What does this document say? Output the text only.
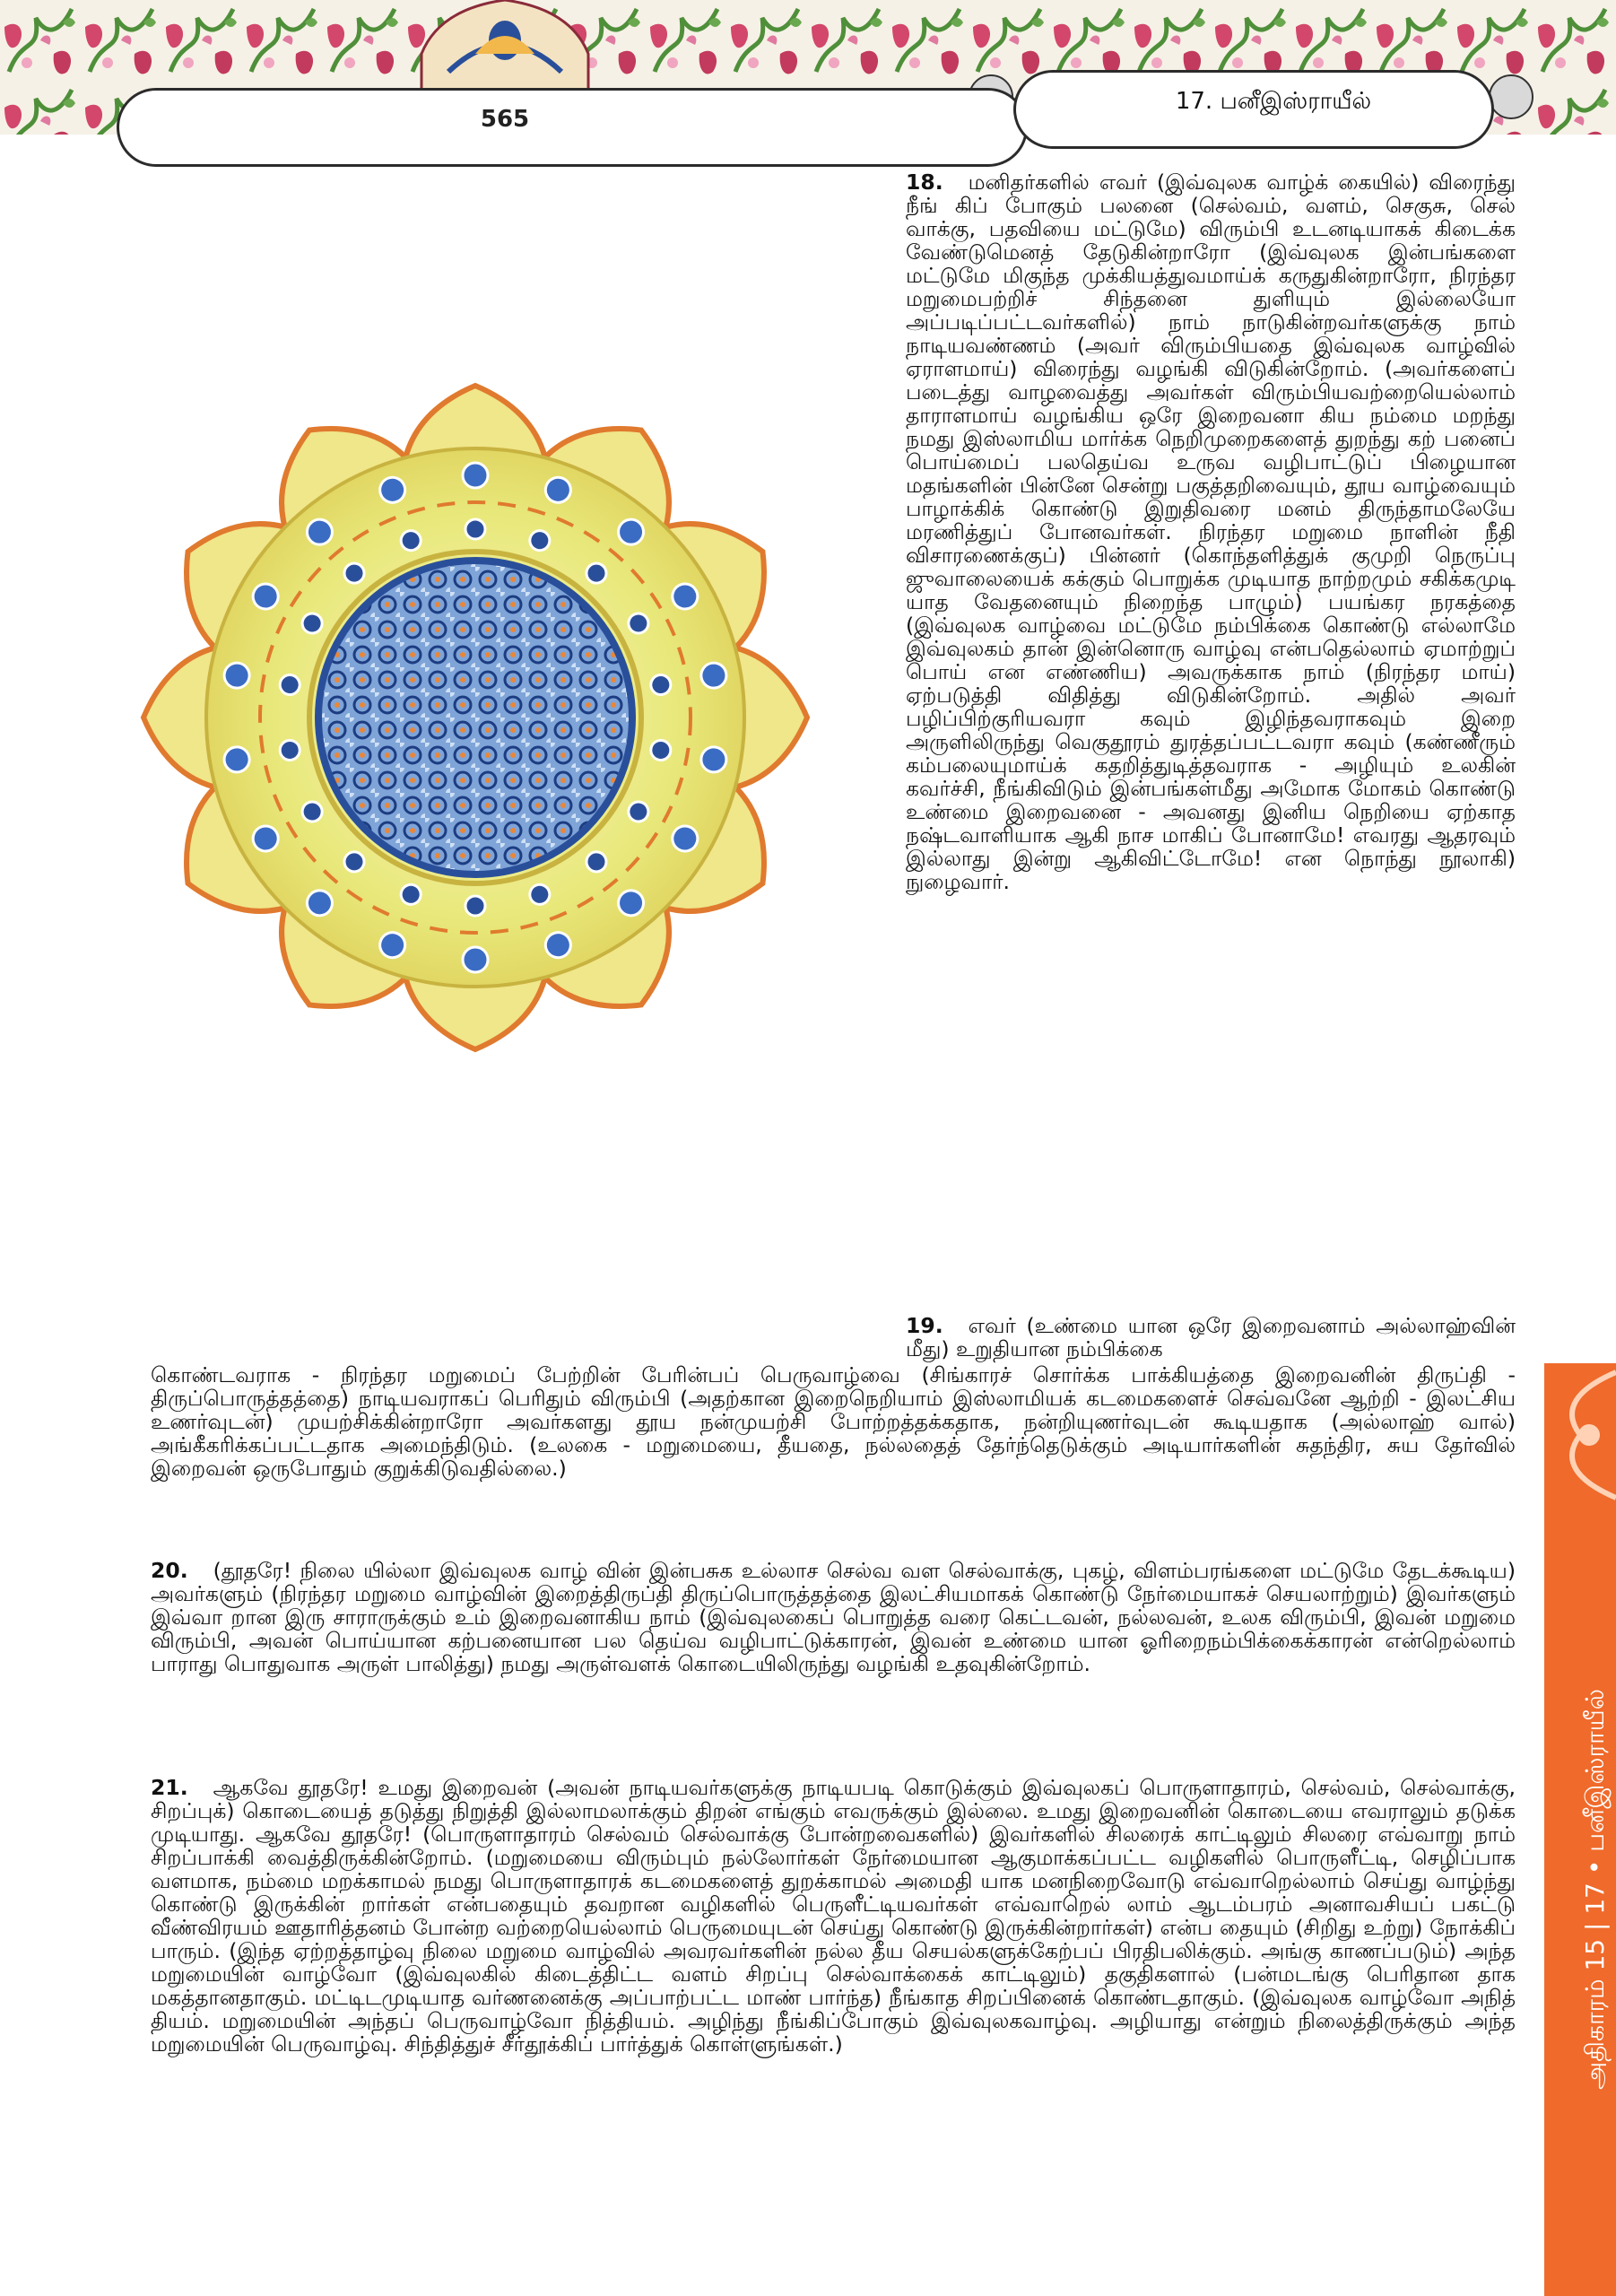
565
17. பனீஇஸ்ராயீல்
அதிகாரம் 15 | 17 • பனீஇஸ்ராயீல்
18. மனிதர்களில் எவர் (இவ்வுலக வாழ்க் கையில்) விரைந்து நீங் கிப் போகும் பலனை (செல்வம், வளம், செகுசு, செல் வாக்கு, பதவியை மட்டுமே) விரும்பி உடனடியாகக் கிடைக்க வேண்டுமெனத் தேடுகின்றாரோ (இவ்வுலக இன்பங்களை மட்டுமே மிகுந்த முக்கியத்துவமாய்க் கருதுகின்றாரோ, நிரந்தர மறுமைபற்றிச் சிந்தனை துளியும் இல்லையோ அப்படிப்பட்டவர்களில்) நாம் நாடுகின்றவர்களுக்கு நாம் நாடியவண்ணம் (அவர் விரும்பியதை இவ்வுலக வாழ்வில் ஏராளமாய்) விரைந்து வழங்கி விடுகின்றோம். (அவர்களைப் படைத்து வாழவைத்து அவர்கள் விரும்பியவற்றையெல்லாம் தாராளமாய் வழங்கிய ஒரே இறைவனா கிய நம்மை மறந்து நமது இஸ்லாமிய மார்க்க நெறிமுறைகளைத் துறந்து கற் பனைப் பொய்மைப் பலதெய்வ உருவ வழிபாட்டுப் பிழையான மதங்களின் பின்னே சென்று பகுத்தறிவையும், தூய வாழ்வையும் பாழாக்கிக் கொண்டு இறுதிவரை மனம் திருந்தாமலேயே மரணித்துப் போனவர்கள். நிரந்தர மறுமை நாளின் நீதி விசாரணைக்குப்) பின்னர் (கொந்தளித்துக் குமுறி நெருப்பு ஜுவாலையைக் கக்கும் பொறுக்க முடியாத நாற்றமும் சகிக்கமுடி யாத வேதனையும் நிறைந்த பாழும்) பயங்கர நரகத்தை (இவ்வுலக வாழ்வை மட்டுமே நம்பிக்கை கொண்டு எல்லாமே இவ்வுலகம் தான் இன்னொரு வாழ்வு என்பதெல்லாம் ஏமாற்றுப் பொய் என எண்ணிய) அவருக்காக நாம் (நிரந்தர மாய்) ஏற்படுத்தி விதித்து விடுகின்றோம். அதில் அவர் பழிப்பிற்குரியவரா கவும் இழிந்தவராகவும் இறை அருளிலிருந்து வெகுதூரம் துரத்தப்பட்டவரா கவும் (கண்ணீரும் கம்பலையுமாய்க் கதறித்துடித்தவராக - அழியும் உலகின் கவர்ச்சி, நீங்கிவிடும் இன்பங்கள்மீது அமோக மோகம் கொண்டு உண்மை இறைவனை - அவனது இனிய நெறியை ஏற்காத நஷ்டவாளியாக ஆகி நாச மாகிப் போனாமே! எவரது ஆதரவும் இல்லாது இன்று ஆகிவிட்டோமே! என நொந்து நூலாகி) நுழைவார்.
19. எவர் (உண்மை யான ஒரே இறைவனாம் அல்லாஹ்வின் மீது) உறுதியான நம்பிக்கை
கொண்டவராக - நிரந்தர மறுமைப் பேற்றின் பேரின்பப் பெருவாழ்வை (சிங்காரச் சொர்க்க பாக்கியத்தை இறைவனின் திருப்தி - திருப்பொருத்தத்தை) நாடியவராகப் பெரிதும் விரும்பி (அதற்கான இறைநெறியாம் இஸ்லாமியக் கடமைகளைச் செவ்வனே ஆற்றி - இலட்சிய உணர்வுடன்) முயற்சிக்கின்றாரோ அவர்களது தூய நன்முயற்சி போற்றத்தக்கதாக, நன்றியுணர்வுடன் கூடியதாக (அல்லாஹ் வால்) அங்கீகரிக்கப்பட்டதாக அமைந்திடும். (உலகை - மறுமையை, தீயதை, நல்லதைத் தேர்ந்தெடுக்கும் அடியார்களின் சுதந்திர, சுய தேர்வில் இறைவன் ஒருபோதும் குறுக்கிடுவதில்லை.)
20. (தூதரே! நிலை யில்லா இவ்வுலக வாழ் வின் இன்பசுக உல்லாச செல்வ வள செல்வாக்கு, புகழ், விளம்பரங்களை மட்டுமே தேடக்கூடிய) அவர்களும் (நிரந்தர மறுமை வாழ்வின் இறைத்திருப்தி திருப்பொருத்தத்தை இலட்சியமாகக் கொண்டு நேர்மையாகச் செயலாற்றும்) இவர்களும் இவ்வா றான இரு சாராருக்கும் உம் இறைவனாகிய நாம் (இவ்வுலகைப் பொறுத்த வரை கெட்டவன், நல்லவன், உலக விரும்பி, இவன் மறுமை விரும்பி, அவன் பொய்யான கற்பனையான பல தெய்வ வழிபாட்டுக்காரன், இவன் உண்மை யான ஓரிறைநம்பிக்கைக்காரன் என்றெல்லாம் பாராது பொதுவாக அருள் பாலித்து) நமது அருள்வளக் கொடையிலிருந்து வழங்கி உதவுகின்றோம்.
21. ஆகவே தூதரே! உமது இறைவன் (அவன் நாடியவர்களுக்கு நாடியபடி கொடுக்கும் இவ்வுலகப் பொருளாதாரம், செல்வம், செல்வாக்கு, சிறப்புக்) கொடையைத் தடுத்து நிறுத்தி இல்லாமலாக்கும் திறன் எங்கும் எவருக்கும் இல்லை. உமது இறைவனின் கொடையை எவராலும் தடுக்க முடியாது. ஆகவே தூதரே! (பொருளாதாரம் செல்வம் செல்வாக்கு போன்றவைகளில்) இவர்களில் சிலரைக் காட்டிலும் சிலரை எவ்வாறு நாம் சிறப்பாக்கி வைத்திருக்கின்றோம். (மறுமையை விரும்பும் நல்லோர்கள் நேர்மையான ஆகுமாக்கப்பட்ட வழிகளில் பொருளீட்டி, செழிப்பாக வளமாக, நம்மை மறக்காமல் நமது பொருளாதாரக் கடமைகளைத் துறக்காமல் அமைதி யாக மனநிறைவோடு எவ்வாறெல்லாம் செய்து வாழ்ந்து கொண்டு இருக்கின் றார்கள் என்பதையும் தவறான வழிகளில் பெருளீட்டியவர்கள் எவ்வாறெல் லாம் ஆடம்பரம் அனாவசியப் பகட்டு வீண்விரயம் ஊதாரித்தனம் போன்ற வற்றையெல்லாம் பெருமையுடன் செய்து கொண்டு இருக்கின்றார்கள்) என்ப தையும் (சிறிது உற்று) நோக்கிப் பாரும். (இந்த ஏற்றத்தாழ்வு நிலை மறுமை வாழ்வில் அவரவர்களின் நல்ல தீய செயல்களுக்கேற்பப் பிரதிபலிக்கும். அங்கு காணப்படும்) அந்த மறுமையின் வாழ்வோ (இவ்வுலகில் கிடைத்திட்ட வளம் சிறப்பு செல்வாக்கைக் காட்டிலும்) தகுதிகளால் (பன்மடங்கு பெரிதான தாக மகத்தானதாகும். மட்டிடமுடியாத வர்ணனைக்கு அப்பாற்பட்ட மாண் பார்ந்த) நீங்காத சிறப்பினைக் கொண்டதாகும். (இவ்வுலக வாழ்வோ அநித் தியம். மறுமையின் அந்தப் பெருவாழ்வோ நித்தியம். அழிந்து நீங்கிப்போகும் இவ்வுலகவாழ்வு. அழியாது என்றும் நிலைத்திருக்கும் அந்த மறுமையின் பெருவாழ்வு. சிந்தித்துச் சீர்தூக்கிப் பார்த்துக் கொள்ளுங்கள்.)
